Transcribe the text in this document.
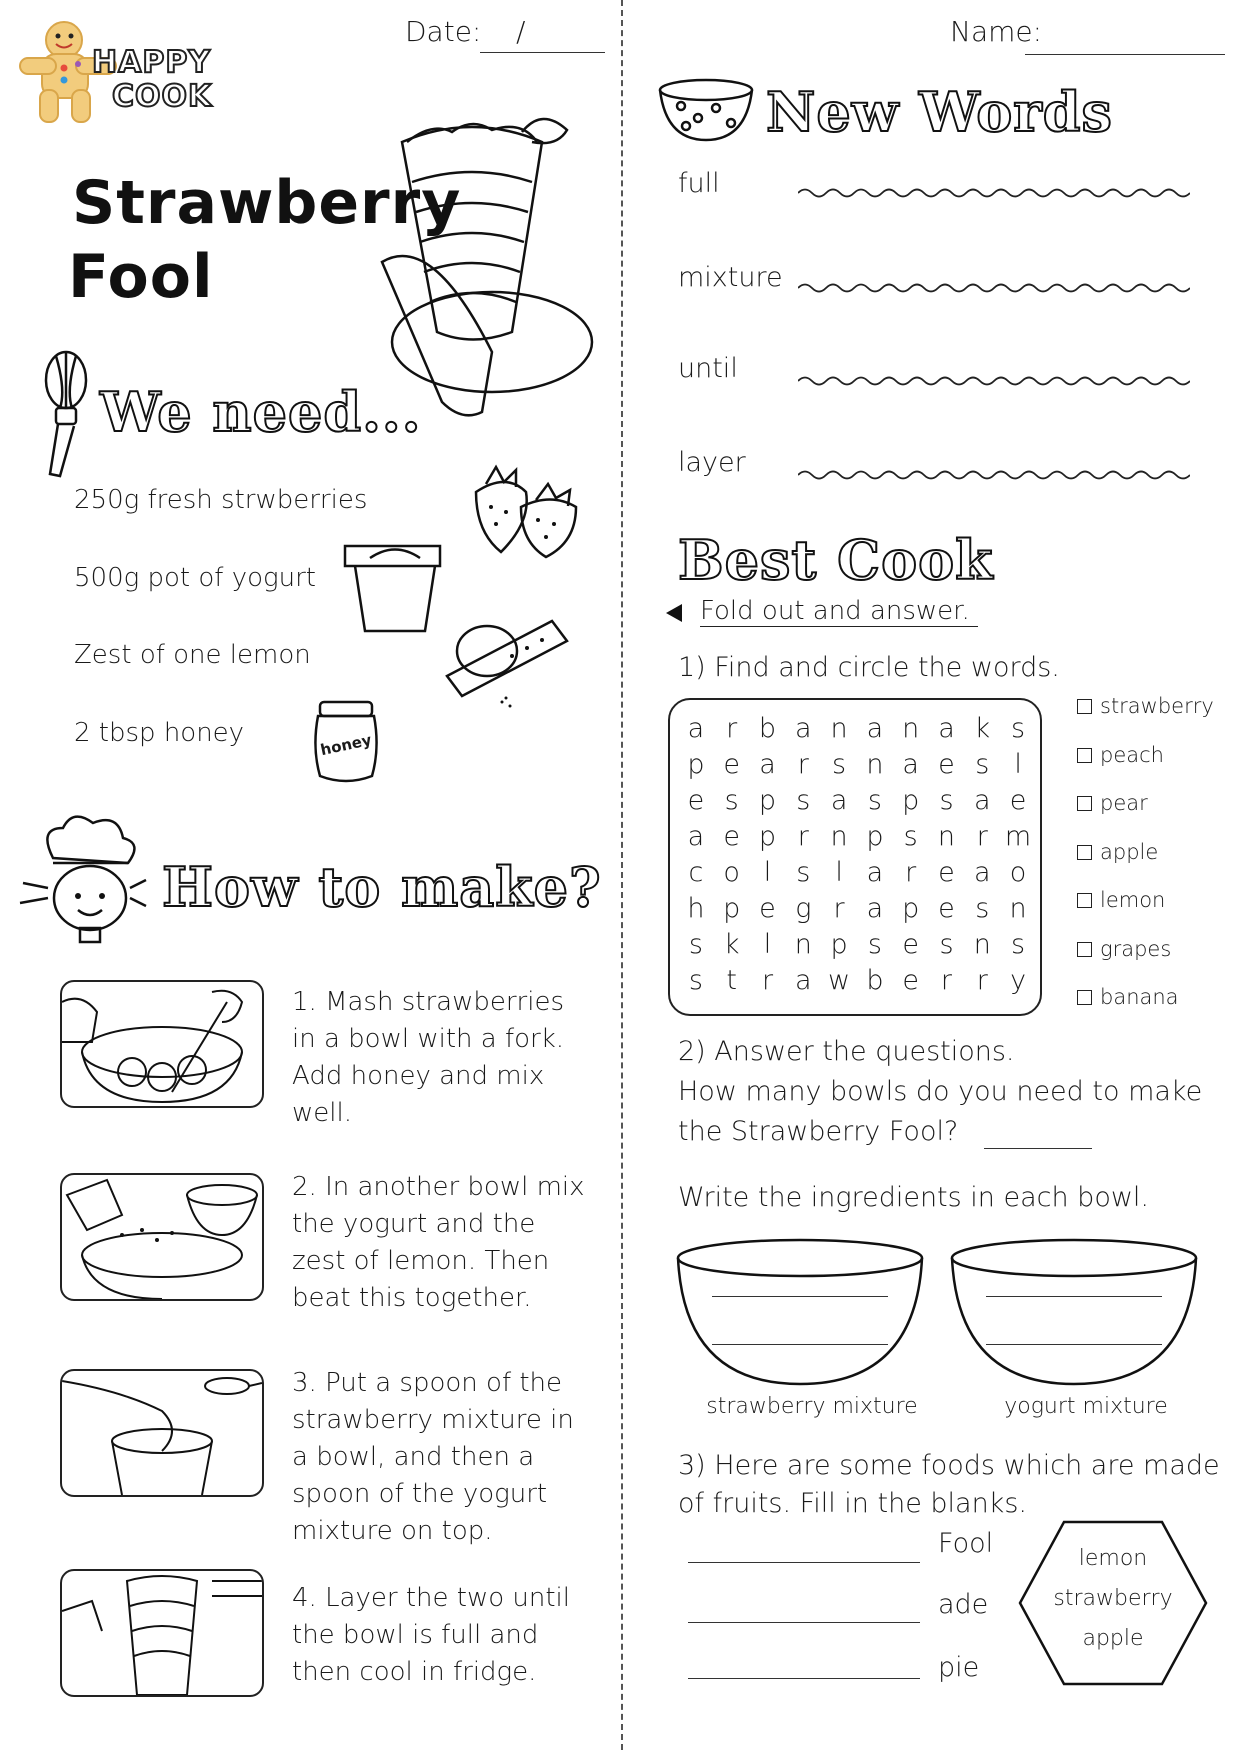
HAPPY
COOK
Date: /
Strawberry
Fool
We need...
250g fresh strwberries
500g pot of yogurt
Zest of one lemon
2 tbsp honey	honey
How to make?
1. Mash strawberries in a bowl with a fork. Add honey and mix well.
2. In another bowl mix the yogurt and the zest of lemon. Then beat this together.
3. Put a spoon of the strawberry mixture in a bowl, and then a spoon of the yogurt mixture on top.
4. Layer the two until the bowl is full and then cool in fridge.
Name:
New Words
full
mixture
until
layer
Best Cook
Fold out and answer.
1) Find and circle the words.
a	r	b	a	n	a	n	a	k	s
p	e	a	r	s	n	a	e	s	l
e	s	p	s	a	s	p	s	a	e
a	e	p	r	n	p	s	n	r	m
c	o	l	s	l	a	r	e	a	o
h	p	e	g	r	a	p	e	s	n
s	k	l	n	p	s	e	s	n	s
s	t	r	a	w	b	e	r	r	y
strawberry
peach
pear
apple
lemon
grapes
banana
2) Answer the questions.
How many bowls do you need to make
the Strawberry Fool?
Write the ingredients in each bowl.
strawberry mixture	yogurt mixture
3) Here are some foods which are made
of fruits. Fill in the blanks.
Fool
ade
pie
lemon
strawberry
apple
